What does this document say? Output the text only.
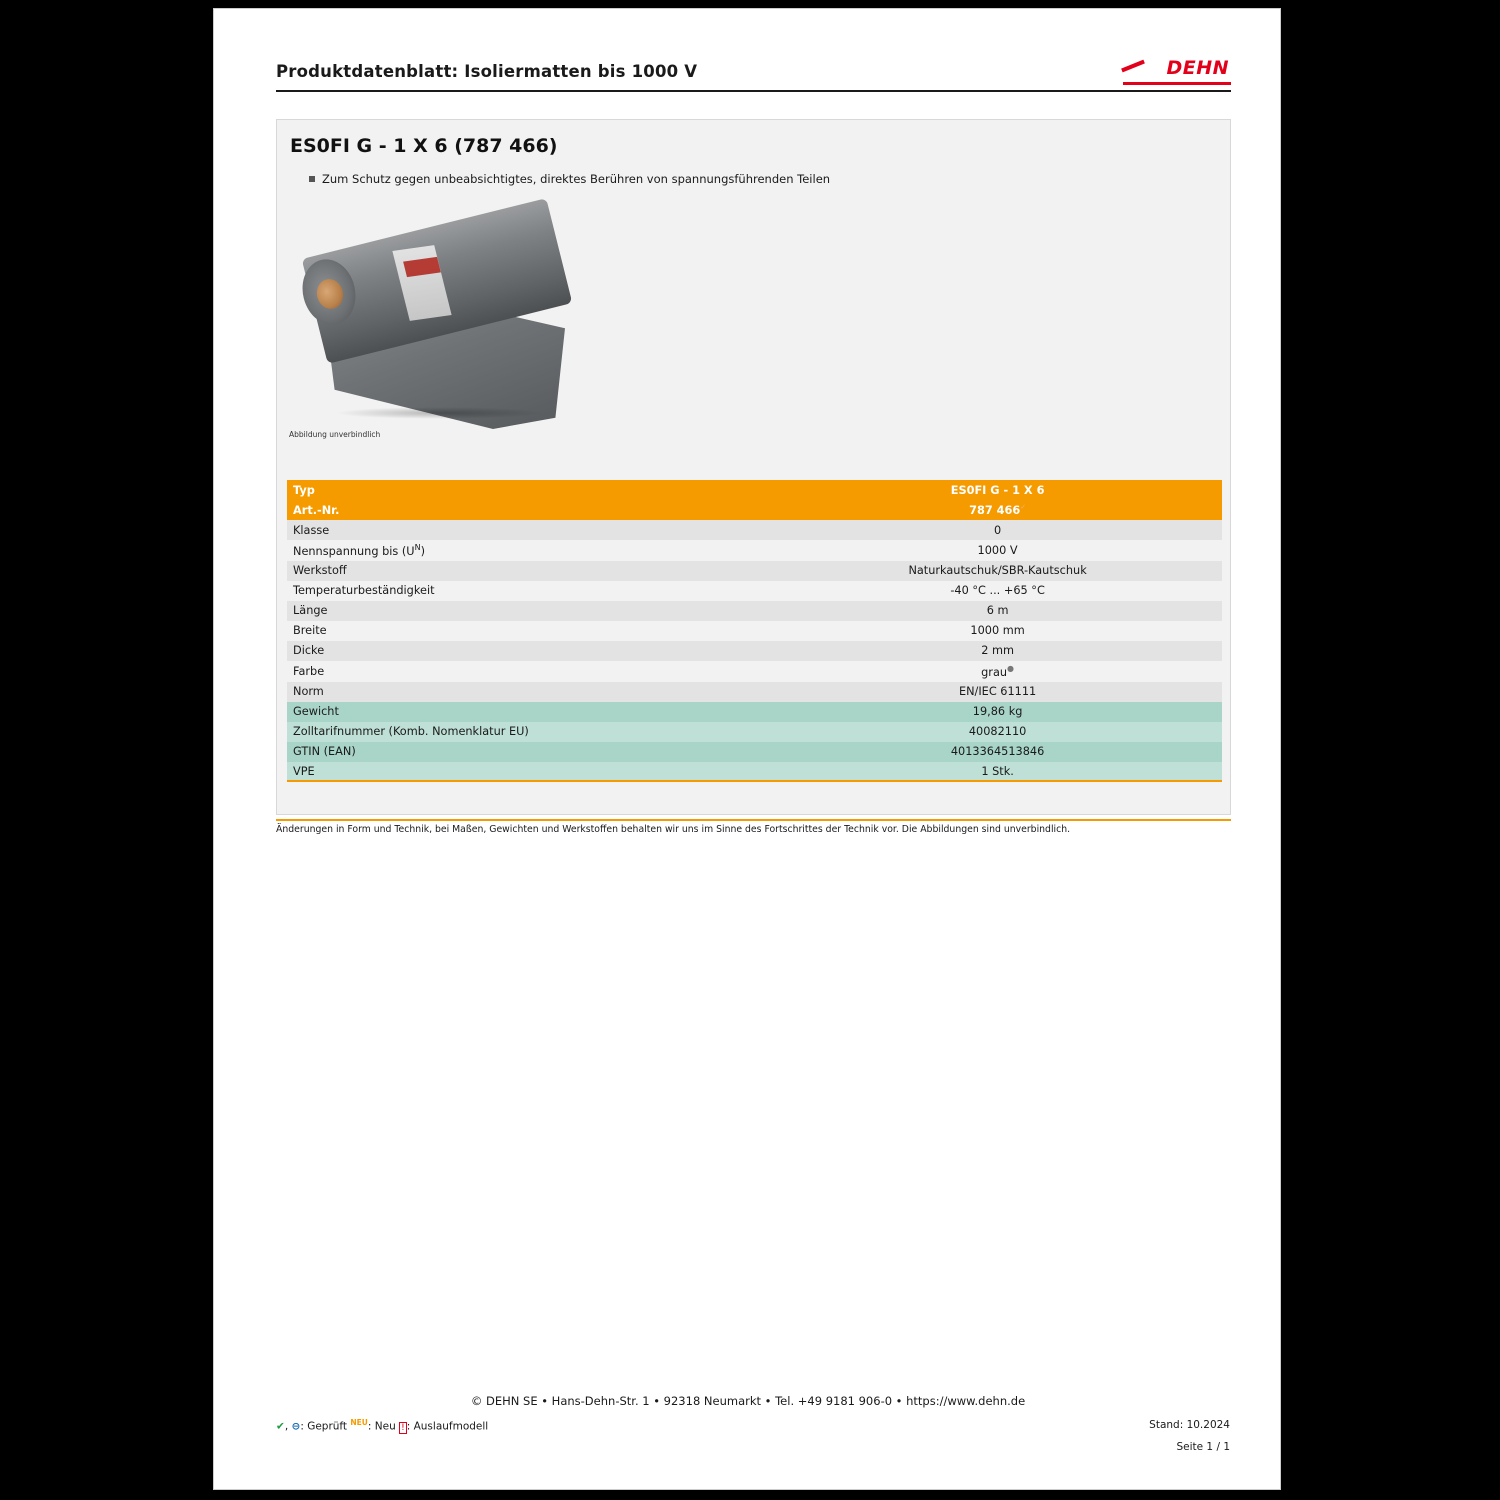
Produktdatenblatt: Isoliermatten bis 1000 V	DEHN
ES0FI G - 1 X 6 (787 466)
Zum Schutz gegen unbeabsichtigtes, direktes Berühren von spannungsführenden Teilen
Abbildung unverbindlich
Typ	ES0FI G - 1 X 6
Art.-Nr.	787 466✓
Klasse	0
Nennspannung bis $(U^N)$	1000 V
Werkstoff	Naturkautschuk/SBR-Kautschuk
Temperaturbeständigkeit	-40 °C ... +65 °C
Länge	6 m
Breite	1000 mm
Dicke	2 mm
Farbe	grau●
Norm	EN/IEC 61111
Gewicht	19,86 kg
Zolltarifnummer (Komb. Nomenklatur EU)	40082110
GTIN (EAN)	4013364513846
VPE	1 Stk.
Änderungen in Form und Technik, bei Maßen, Gewichten und Werkstoffen behalten wir uns im Sinne des Fortschrittes der Technik vor. Die Abbildungen sind unverbindlich.
© DEHN SE • Hans-Dehn-Str. 1 • 92318 Neumarkt • Tel. +49 9181 906-0 • https://www.dehn.de
✔, ⊖: Geprüft $^{NEU}$: Neu ! : Auslaufmodell	Stand: 10.2024
Seite 1 / 1
